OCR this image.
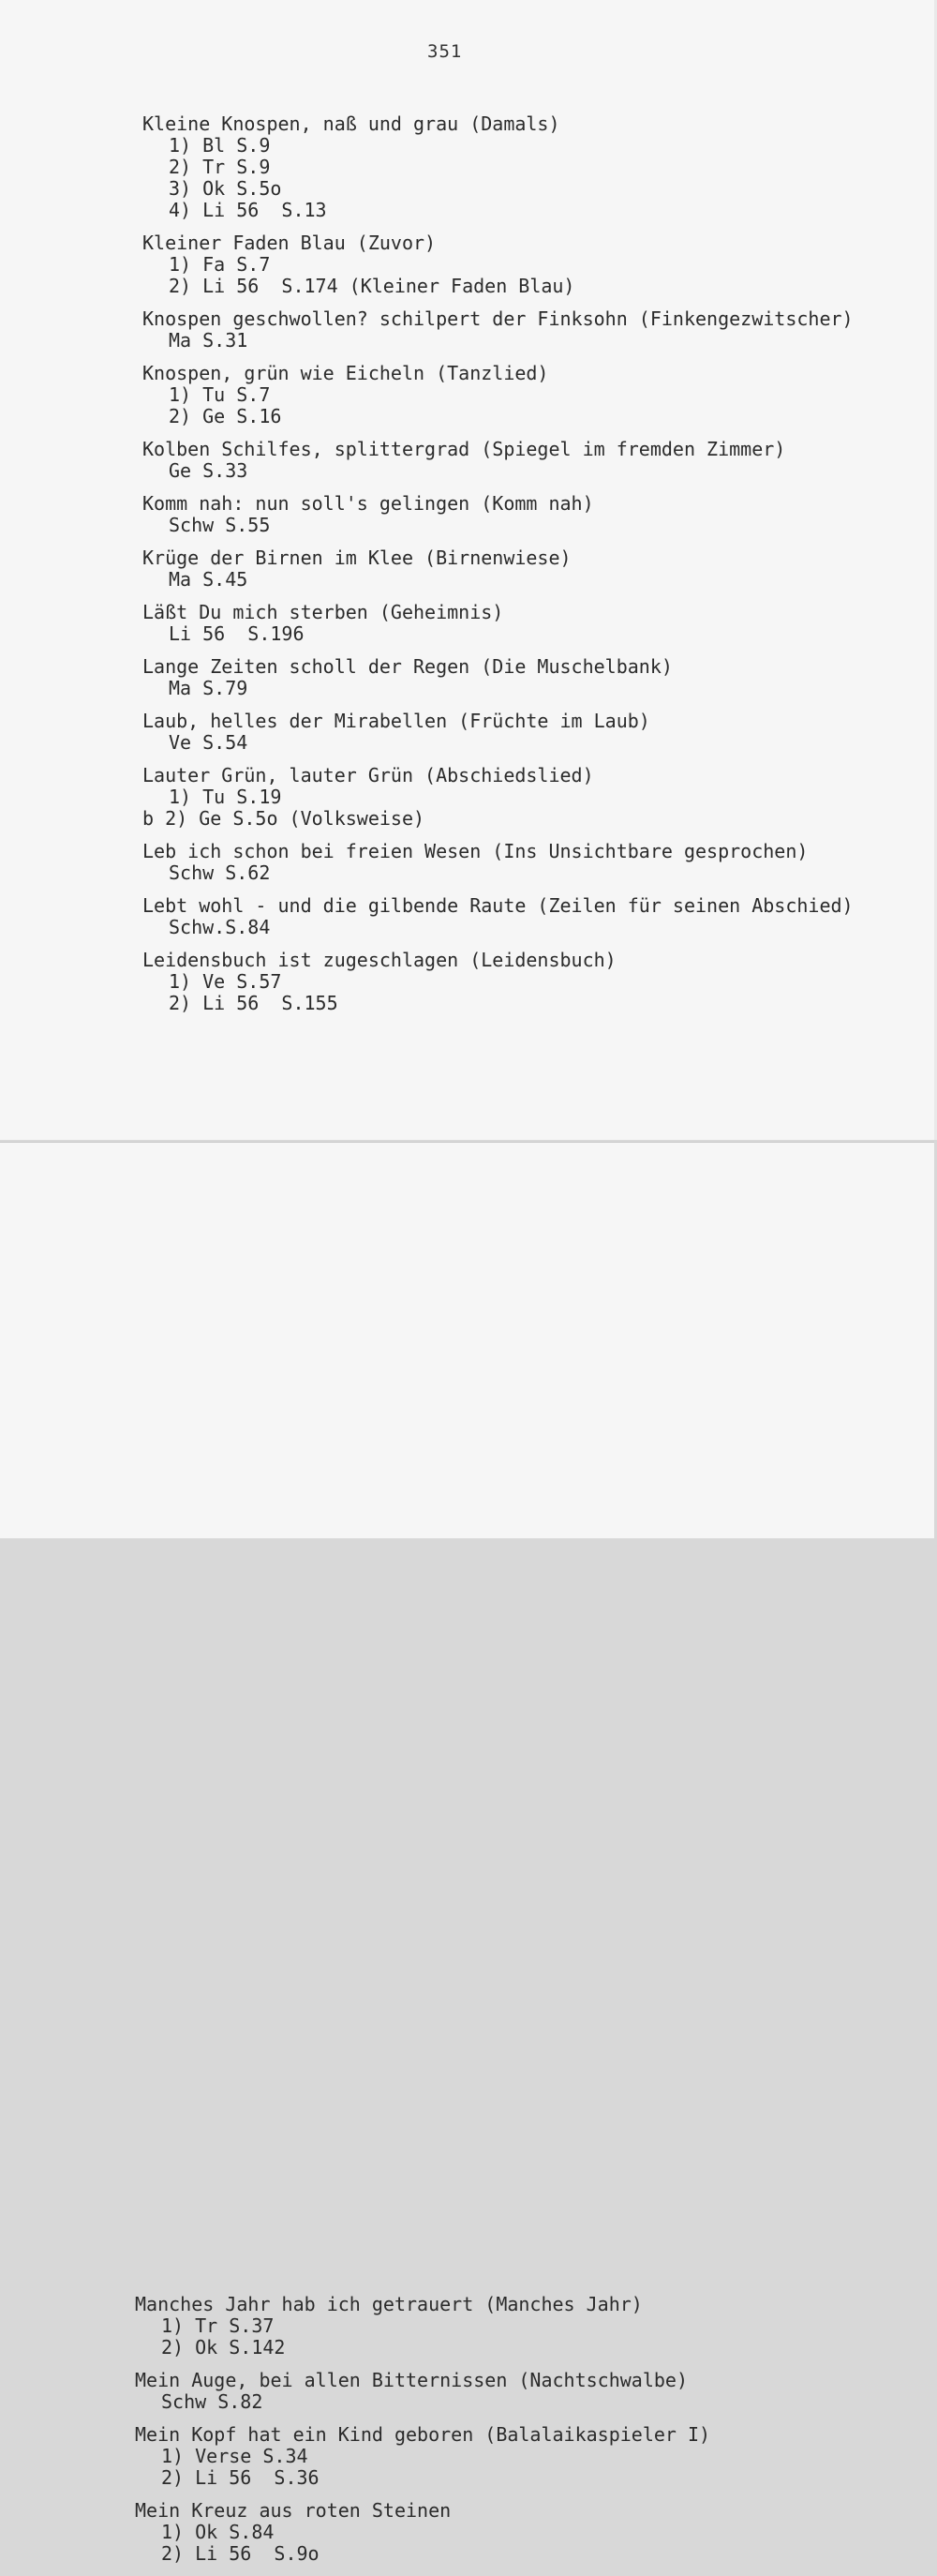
351
Kleine Knospen, naß und grau (Damals)
1) Bl S.9
2) Tr S.9
3) Ok S.5o
4) Li 56  S.13
Kleiner Faden Blau (Zuvor)
1) Fa S.7
2) Li 56  S.174 (Kleiner Faden Blau)
Knospen geschwollen? schilpert der Finksohn (Finkengezwitscher)
Ma S.31
Knospen, grün wie Eicheln (Tanzlied)
1) Tu S.7
2) Ge S.16
Kolben Schilfes, splittergrad (Spiegel im fremden Zimmer)
Ge S.33
Komm nah: nun soll's gelingen (Komm nah)
Schw S.55
Krüge der Birnen im Klee (Birnenwiese)
Ma S.45
Läßt Du mich sterben (Geheimnis)
Li 56  S.196
Lange Zeiten scholl der Regen (Die Muschelbank)
Ma S.79
Laub, helles der Mirabellen (Früchte im Laub)
Ve S.54
Lauter Grün, lauter Grün (Abschiedslied)
1) Tu S.19
b 2) Ge S.5o (Volksweise)
Leb ich schon bei freien Wesen (Ins Unsichtbare gesprochen)
Schw S.62
Lebt wohl - und die gilbende Raute (Zeilen für seinen Abschied)
Schw.S.84
Leidensbuch ist zugeschlagen (Leidensbuch)
1) Ve S.57
2) Li 56  S.155
Manches Jahr hab ich getrauert (Manches Jahr)
1) Tr S.37
2) Ok S.142
Mein Auge, bei allen Bitternissen (Nachtschwalbe)
Schw S.82
Mein Kopf hat ein Kind geboren (Balalaikaspieler I)
1) Verse S.34
2) Li 56  S.36
Mein Kreuz aus roten Steinen
1) Ok S.84
2) Li 56  S.9o
